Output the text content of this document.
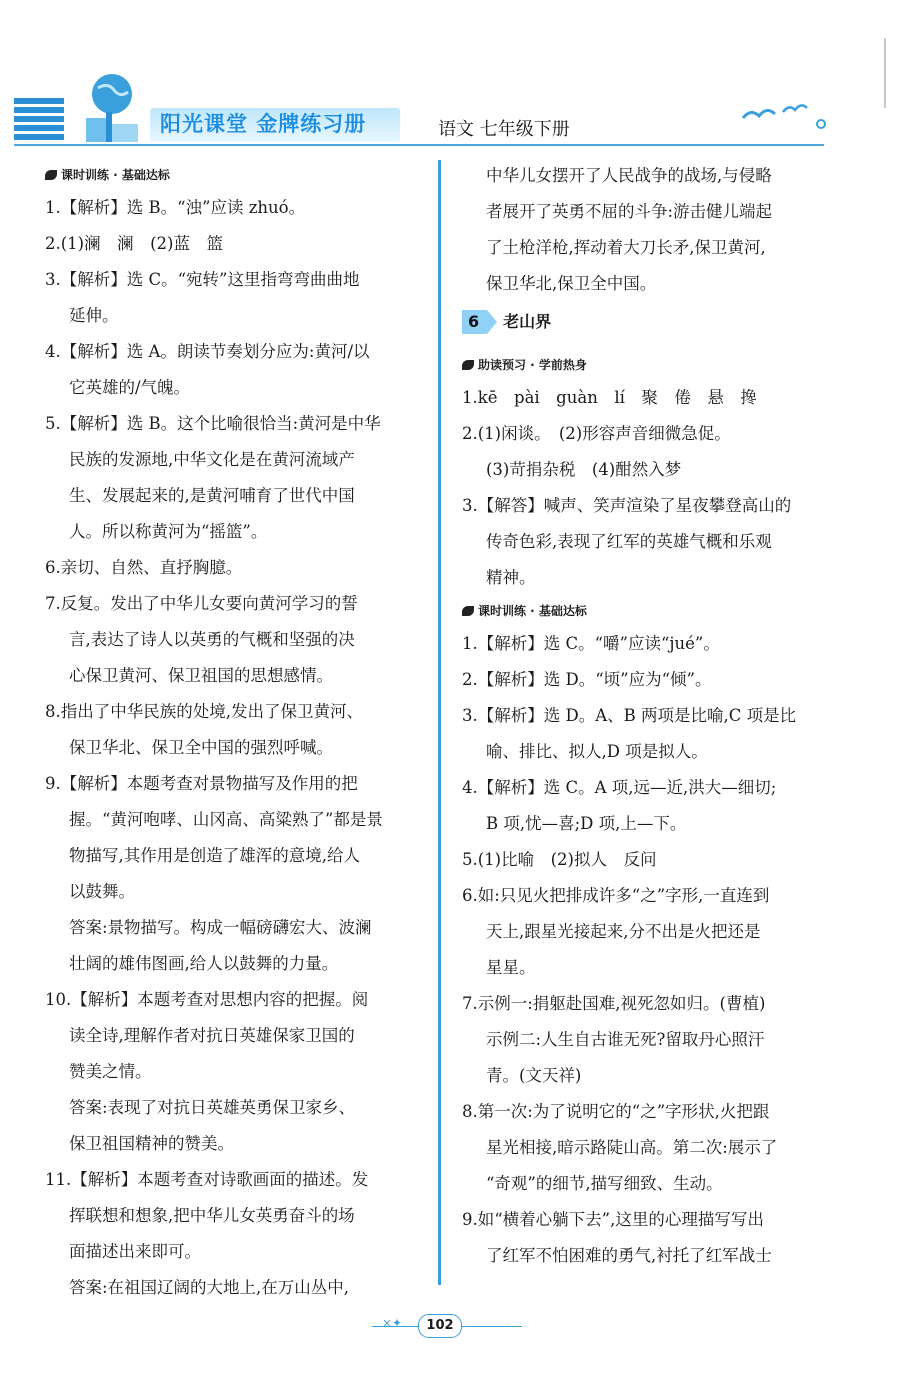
阳光课堂 金牌练习册	语文 七年级下册
课时训练 · 基础达标

1.【解析】选 B。“浊”应读 zhuó。

2.(1)澜　澜　(2)蓝　篮

3.【解析】选 C。“宛转”这里指弯弯曲曲地

延伸。

4.【解析】选 A。朗读节奏划分应为:黄河/以

它英雄的/气魄。

5.【解析】选 B。这个比喻很恰当:黄河是中华

民族的发源地,中华文化是在黄河流域产

生、发展起来的,是黄河哺育了世代中国

人。所以称黄河为“摇篮”。

6.亲切、自然、直抒胸臆。

7.反复。发出了中华儿女要向黄河学习的誓

言,表达了诗人以英勇的气概和坚强的决

心保卫黄河、保卫祖国的思想感情。

8.指出了中华民族的处境,发出了保卫黄河、

保卫华北、保卫全中国的强烈呼喊。

9.【解析】本题考查对景物描写及作用的把

握。“黄河咆哮、山冈高、高粱熟了”都是景

物描写,其作用是创造了雄浑的意境,给人

以鼓舞。

答案:景物描写。构成一幅磅礴宏大、波澜

壮阔的雄伟图画,给人以鼓舞的力量。

10.【解析】本题考查对思想内容的把握。阅

读全诗,理解作者对抗日英雄保家卫国的

赞美之情。

答案:表现了对抗日英雄英勇保卫家乡、

保卫祖国精神的赞美。

11.【解析】本题考查对诗歌画面的描述。发

挥联想和想象,把中华儿女英勇奋斗的场

面描述出来即可。

答案:在祖国辽阔的大地上,在万山丛中,

中华儿女摆开了人民战争的战场,与侵略

者展开了英勇不屈的斗争:游击健儿端起

了土枪洋枪,挥动着大刀长矛,保卫黄河,

保卫华北,保卫全中国。

6 老山界
助读预习 · 学前热身

1.kē　pài　guàn　lí　聚　倦　悬　搀

2.(1)闲谈。　(2)形容声音细微急促。

(3)苛捐杂税　(4)酣然入梦

3.【解答】喊声、笑声渲染了星夜攀登高山的

传奇色彩,表现了红军的英雄气概和乐观

精神。

课时训练 · 基础达标

1.【解析】选 C。“嚼”应读“jué”。

2.【解析】选 D。“顷”应为“倾”。

3.【解析】选 D。A、B 两项是比喻,C 项是比

喻、排比、拟人,D 项是拟人。

4.【解析】选 C。A 项,远—近,洪大—细切;

B 项,忧—喜;D 项,上—下。

5.(1)比喻　(2)拟人　反问

6.如:只见火把排成许多“之”字形,一直连到

天上,跟星光接起来,分不出是火把还是

星星。

7.示例一:捐躯赴国难,视死忽如归。(曹植)

示例二:人生自古谁无死?留取丹心照汗

青。(文天祥)

8.第一次:为了说明它的“之”字形状,火把跟

星光相接,暗示路陡山高。第二次:展示了

“奇观”的细节,描写细致、生动。

9.如“横着心躺下去”,这里的心理描写写出

了红军不怕困难的勇气,衬托了红军战士

×✦	102
